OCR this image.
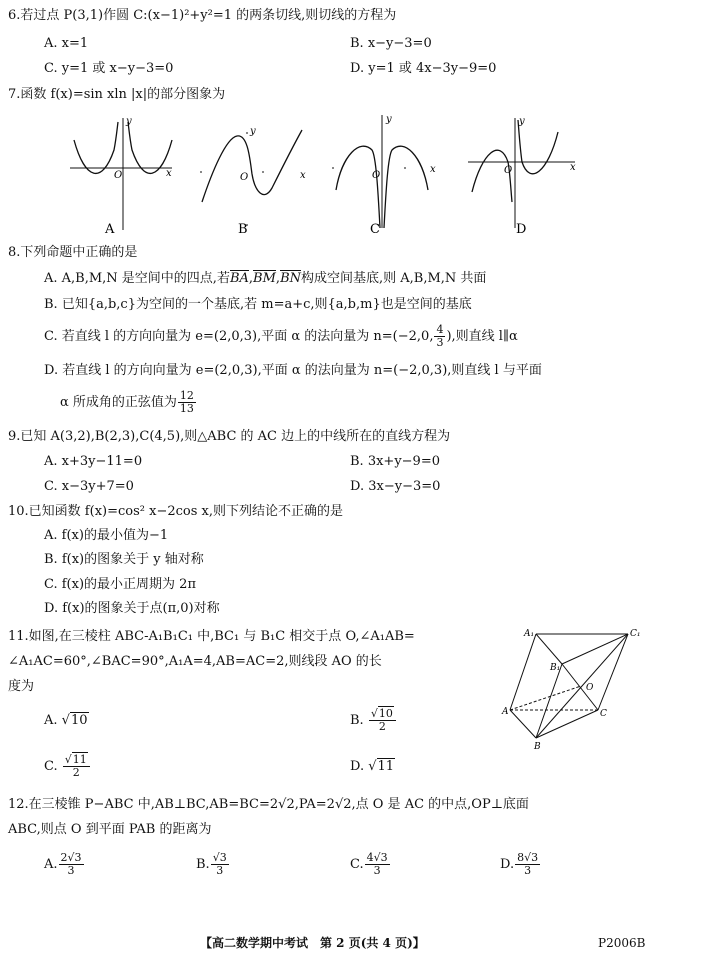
6.若过点 P(3,1)作圆 C:(x−1)²+y²=1 的两条切线,则切线的方程为
A. x=1	B. x−y−3=0
C. y=1 或 x−y−3=0	D. y=1 或 4x−3y−9=0
7.函数 f(x)=sin xln |x|的部分图象为
O	x
y
A
O	x
y
B
O
x
y
C
O	x
y
D
8.下列命题中正确的是
A. A,B,M,N 是空间中的四点,若BA,BM,BN构成空间基底,则 A,B,M,N 共面
B. 已知{a,b,c}为空间的一个基底,若 m=a+c,则{a,b,m}也是空间的基底
C. 若直线 l 的方向向量为 e=(2,0,3),平面 α 的法向量为 n=(−2,0, $\frac{4}{3}$ ),则直线 l∥α
D. 若直线 l 的方向向量为 e=(2,0,3),平面 α 的法向量为 n=(−2,0,3),则直线 l 与平面
α 所成角的正弦值为 $\frac{12}{13}$
9.已知 A(3,2),B(2,3),C(4,5),则△ABC 的 AC 边上的中线所在的直线方程为
A. x+3y−11=0	B. 3x+y−9=0
C. x−3y+7=0	D. 3x−y−3=0
10.已知函数 f(x)=cos² x−2cos x,则下列结论不正确的是
A. f(x)的最小值为−1
B. f(x)的图象关于 y 轴对称
C. f(x)的最小正周期为 2π
D. f(x)的图象关于点(π,0)对称
11.如图,在三棱柱 ABC-A₁B₁C₁ 中,BC₁ 与 B₁C 相交于点 O,∠A₁AB=
∠A₁AC=60°,∠BAC=90°,A₁A=4,AB=AC=2,则线段 AO 的长
度为
A. √10	B. $\frac{√10}{2}$
C. $\frac{√11}{2}$	D. √11
A₁	C₁
B₁
O
A	C
B
12.在三棱锥 P−ABC 中,AB⊥BC,AB=BC=2√2,PA=2√2,点 O 是 AC 的中点,OP⊥底面
ABC,则点 O 到平面 PAB 的距离为
A. $\frac{2√3}{3}$	B. $\frac{√3}{3}$	C. $\frac{4√3}{3}$	D. $\frac{8√3}{3}$
【高二数学期中考试　第 2 页(共 4 页)】	P2006B
